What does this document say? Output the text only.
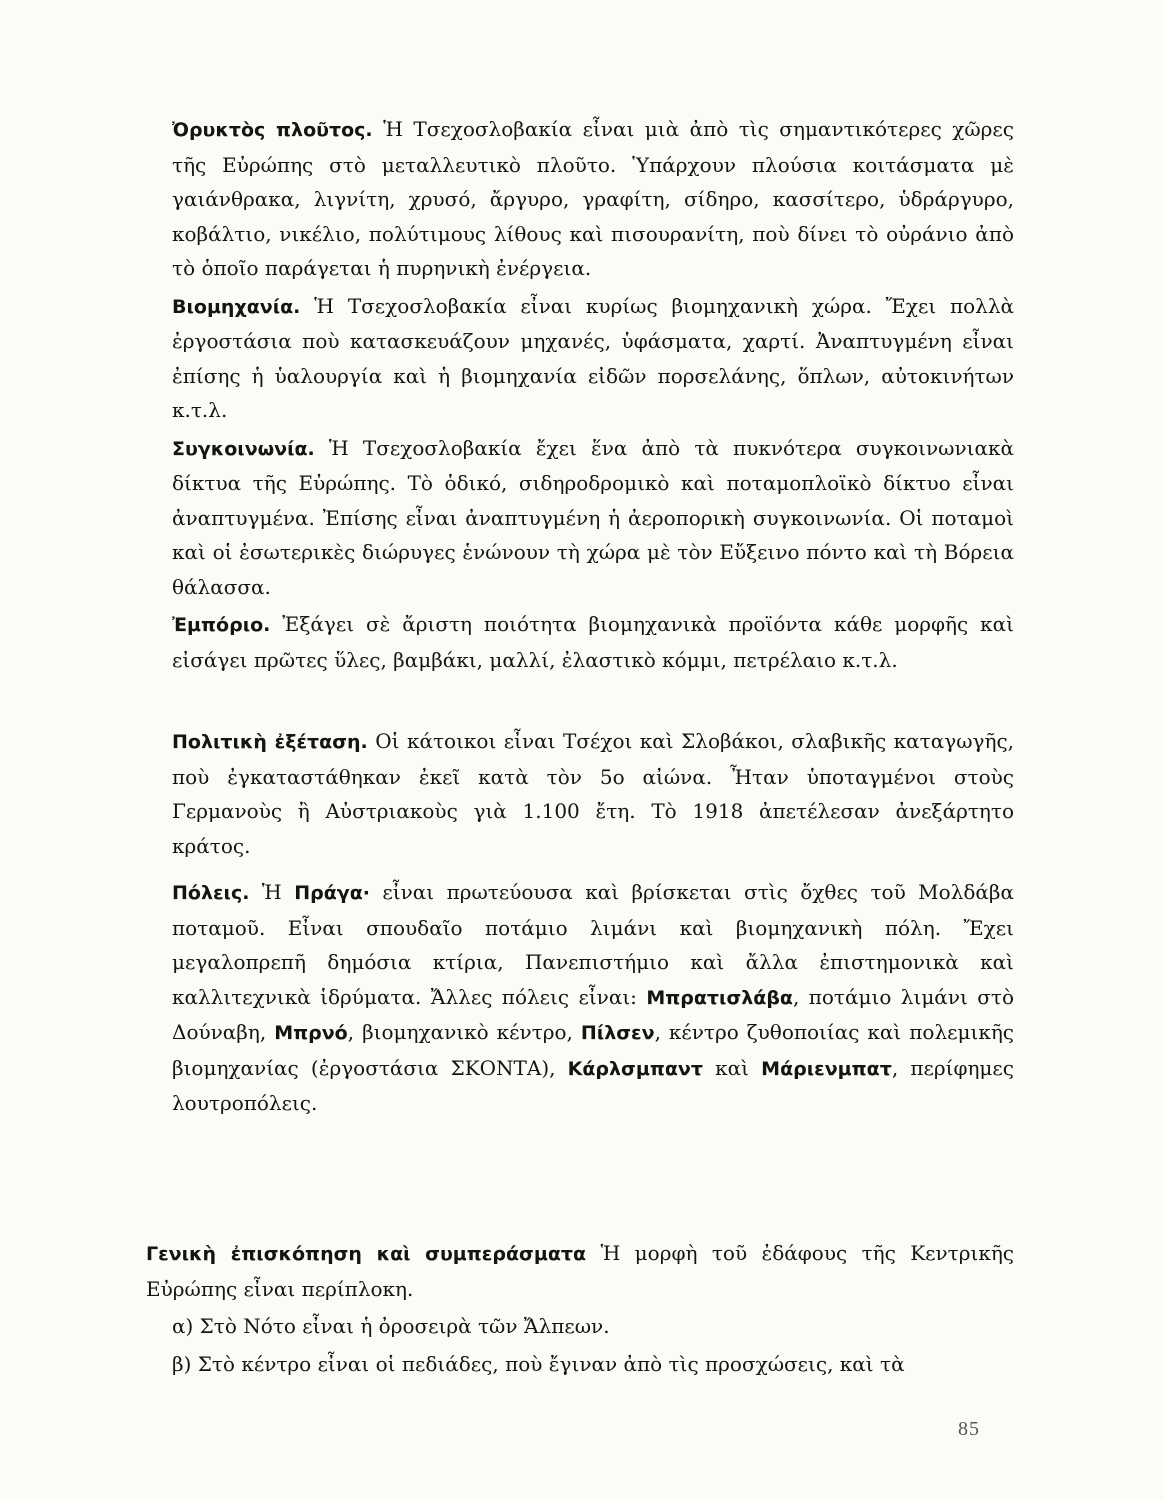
Ὀρυκτὸς πλοῦτος. Ἡ Τσεχοσλοβακία εἶναι μιὰ ἀπὸ τὶς σημαντικότερες χῶρες τῆς Εὐρώπης στὸ μεταλλευτικὸ πλοῦτο. Ὑπάρχουν πλούσια κοιτάσματα μὲ γαιάνθρακα, λιγνίτη, χρυσό, ἄργυρο, γραφίτη, σίδηρο, κασσίτερο, ὑδράργυρο, κοβάλτιο, νικέλιο, πολύτιμους λίθους καὶ πισουρανίτη, ποὺ δίνει τὸ οὐράνιο ἀπὸ τὸ ὁποῖο παράγεται ἡ πυρηνικὴ ἐνέργεια.

Βιομηχανία. Ἡ Τσεχοσλοβακία εἶναι κυρίως βιομηχανικὴ χώρα. Ἔχει πολλὰ ἐργοστάσια ποὺ κατασκευάζουν μηχανές, ὑφάσματα, χαρτί. Ἀναπτυγμένη εἶναι ἐπίσης ἡ ὑαλουργία καὶ ἡ βιομηχανία εἰδῶν πορσελάνης, ὅπλων, αὐτοκινήτων κ.τ.λ.

Συγκοινωνία. Ἡ Τσεχοσλοβακία ἔχει ἕνα ἀπὸ τὰ πυκνότερα συγκοινωνιακὰ δίκτυα τῆς Εὐρώπης. Τὸ ὁδικό, σιδηροδρομικὸ καὶ ποταμοπλοϊκὸ δίκτυο εἶναι ἀναπτυγμένα. Ἐπίσης εἶναι ἀναπτυγμένη ἡ ἀεροπορικὴ συγκοινωνία. Οἱ ποταμοὶ καὶ οἱ ἐσωτερικὲς διώρυγες ἑνώνουν τὴ χώρα μὲ τὸν Εὔξεινο πόντο καὶ τὴ Βόρεια θάλασσα.

Ἐμπόριο. Ἐξάγει σὲ ἄριστη ποιότητα βιομηχανικὰ προϊόντα κάθε μορφῆς καὶ εἰσάγει πρῶτες ὕλες, βαμβάκι, μαλλί, ἐλαστικὸ κόμμι, πετρέλαιο κ.τ.λ.

Πολιτικὴ ἐξέταση. Οἱ κάτοικοι εἶναι Τσέχοι καὶ Σλοβάκοι, σλαβικῆς καταγωγῆς, ποὺ ἐγκαταστάθηκαν ἐκεῖ κατὰ τὸν 5ο αἰώνα. Ἦταν ὑποταγμένοι στοὺς Γερμανοὺς ἢ Αὐστριακοὺς γιὰ 1.100 ἔτη. Τὸ 1918 ἀπετέλεσαν ἀνεξάρτητο κράτος.

Πόλεις. Ἡ Πράγα· εἶναι πρωτεύουσα καὶ βρίσκεται στὶς ὄχθες τοῦ Μολδάβα ποταμοῦ. Εἶναι σπουδαῖο ποτάμιο λιμάνι καὶ βιομηχανικὴ πόλη. Ἔχει μεγαλοπρεπῆ δημόσια κτίρια, Πανεπιστήμιο καὶ ἄλλα ἐπιστημονικὰ καὶ καλλιτεχνικὰ ἱδρύματα. Ἄλλες πόλεις εἶναι: Μπρατισλάβα, ποτάμιο λιμάνι στὸ Δούναβη, Μπρνό, βιομηχανικὸ κέντρο, Πίλσεν, κέντρο ζυθοποιίας καὶ πολεμικῆς βιομηχανίας (ἐργοστάσια ΣΚΟΝΤΑ), Κάρλσμπαντ καὶ Μάριενμπατ, περίφημες λουτροπόλεις.

Γενικὴ ἐπισκόπηση καὶ συμπεράσματα Ἡ μορφὴ τοῦ ἐδάφους τῆς Κεντρικῆς Εὐρώπης εἶναι περίπλοκη.

α) Στὸ Νότο εἶναι ἡ ὀροσειρὰ τῶν Ἄλπεων.

β) Στὸ κέντρο εἶναι οἱ πεδιάδες, ποὺ ἔγιναν ἀπὸ τὶς προσχώσεις, καὶ τὰ

85
